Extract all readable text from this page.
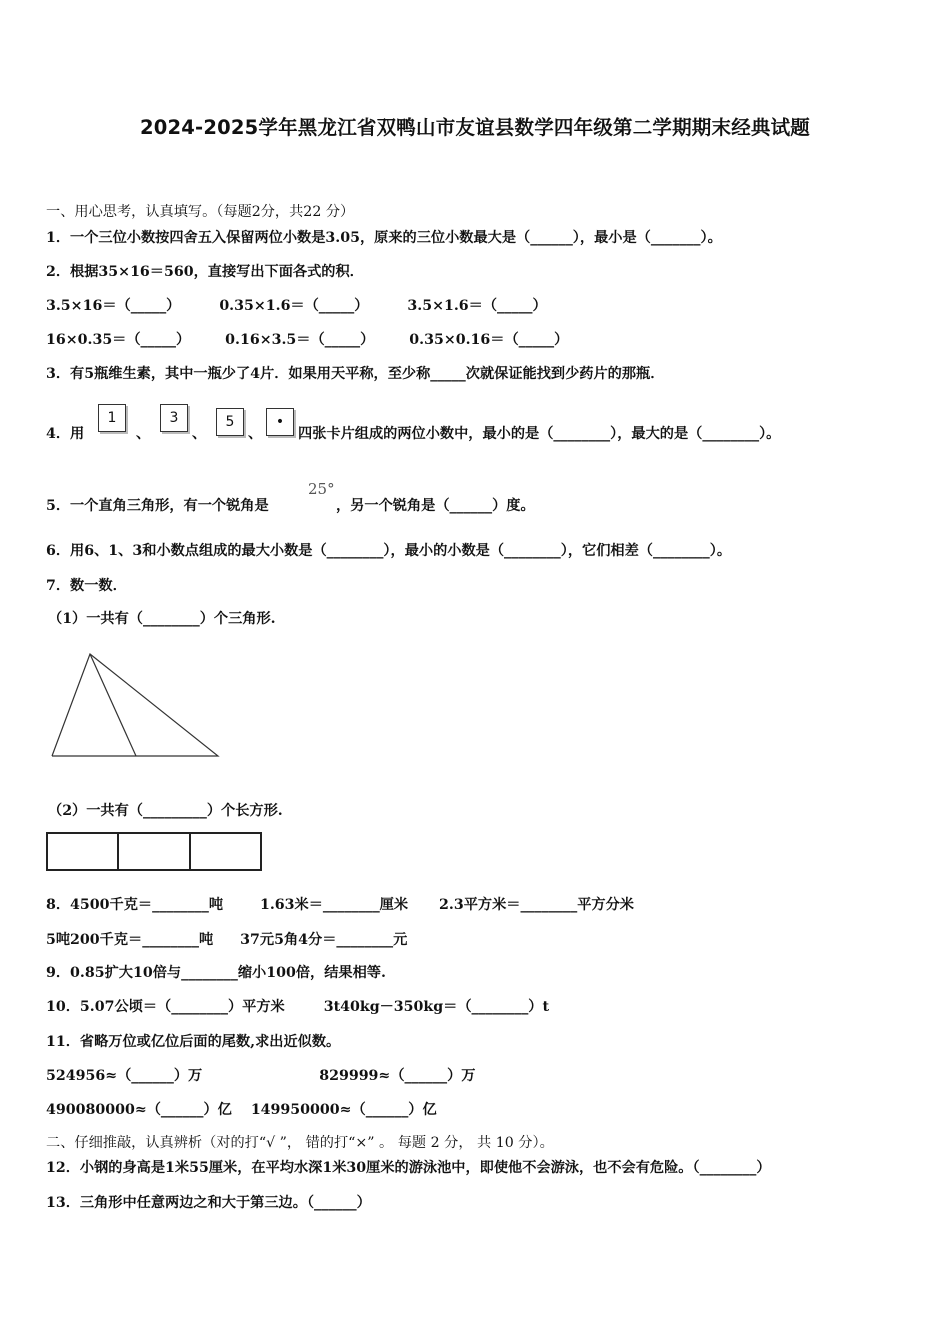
2024-2025学年黑龙江省双鸭山市友谊县数学四年级第二学期期末经典试题
一、用心思考，认真填写。（每题2分，共22 分）
1．一个三位小数按四舍五入保留两位小数是3.05，原来的三位小数最大是（______），最小是（_______）。
2．根据35×16＝560，直接写出下面各式的积．
3.5×16＝（_____）	0.35×1.6＝（_____）	3.5×1.6＝（_____）
16×0.35＝（_____） 0.16×3.5＝（_____） 0.35×0.16＝（_____）
3．有5瓶维生素，其中一瓶少了4片．如果用天平称，至少称_____次就保证能找到少药片的那瓶．
4．用
1
、
3
、
5
、
•
四张卡片组成的两位小数中，最小的是（________），最大的是（________）。
5．一个直角三角形，有一个锐角是
25°
，另一个锐角是（______）度。
6．用6、1、3和小数点组成的最大小数是（________），最小的小数是（________），它们相差（________）。
7．数一数．
（1）一共有（________）个三角形.
（2）一共有（_________）个长方形.
8．4500千克＝________吨	1.63米＝________厘米 2.3平方米＝________平方分米
5吨200千克＝________吨 37元5角4分＝________元
9．0.85扩大10倍与________缩小100倍，结果相等.
10．5.07公顷＝（________）平方米	3t40kg－350kg＝（________）t
11．省略万位或亿位后面的尾数,求出近似数。
524956≈（______）万	829999≈（______）万
490080000≈（______）亿 149950000≈（______）亿
二、仔细推敲，认真辨析（对的打“√ ”， 错的打“×” 。 每题 2 分， 共 10 分）。
12．小钢的身高是1米55厘米，在平均水深1米30厘米的游泳池中，即使他不会游泳，也不会有危险。（________）
13．三角形中任意两边之和大于第三边。（______）
